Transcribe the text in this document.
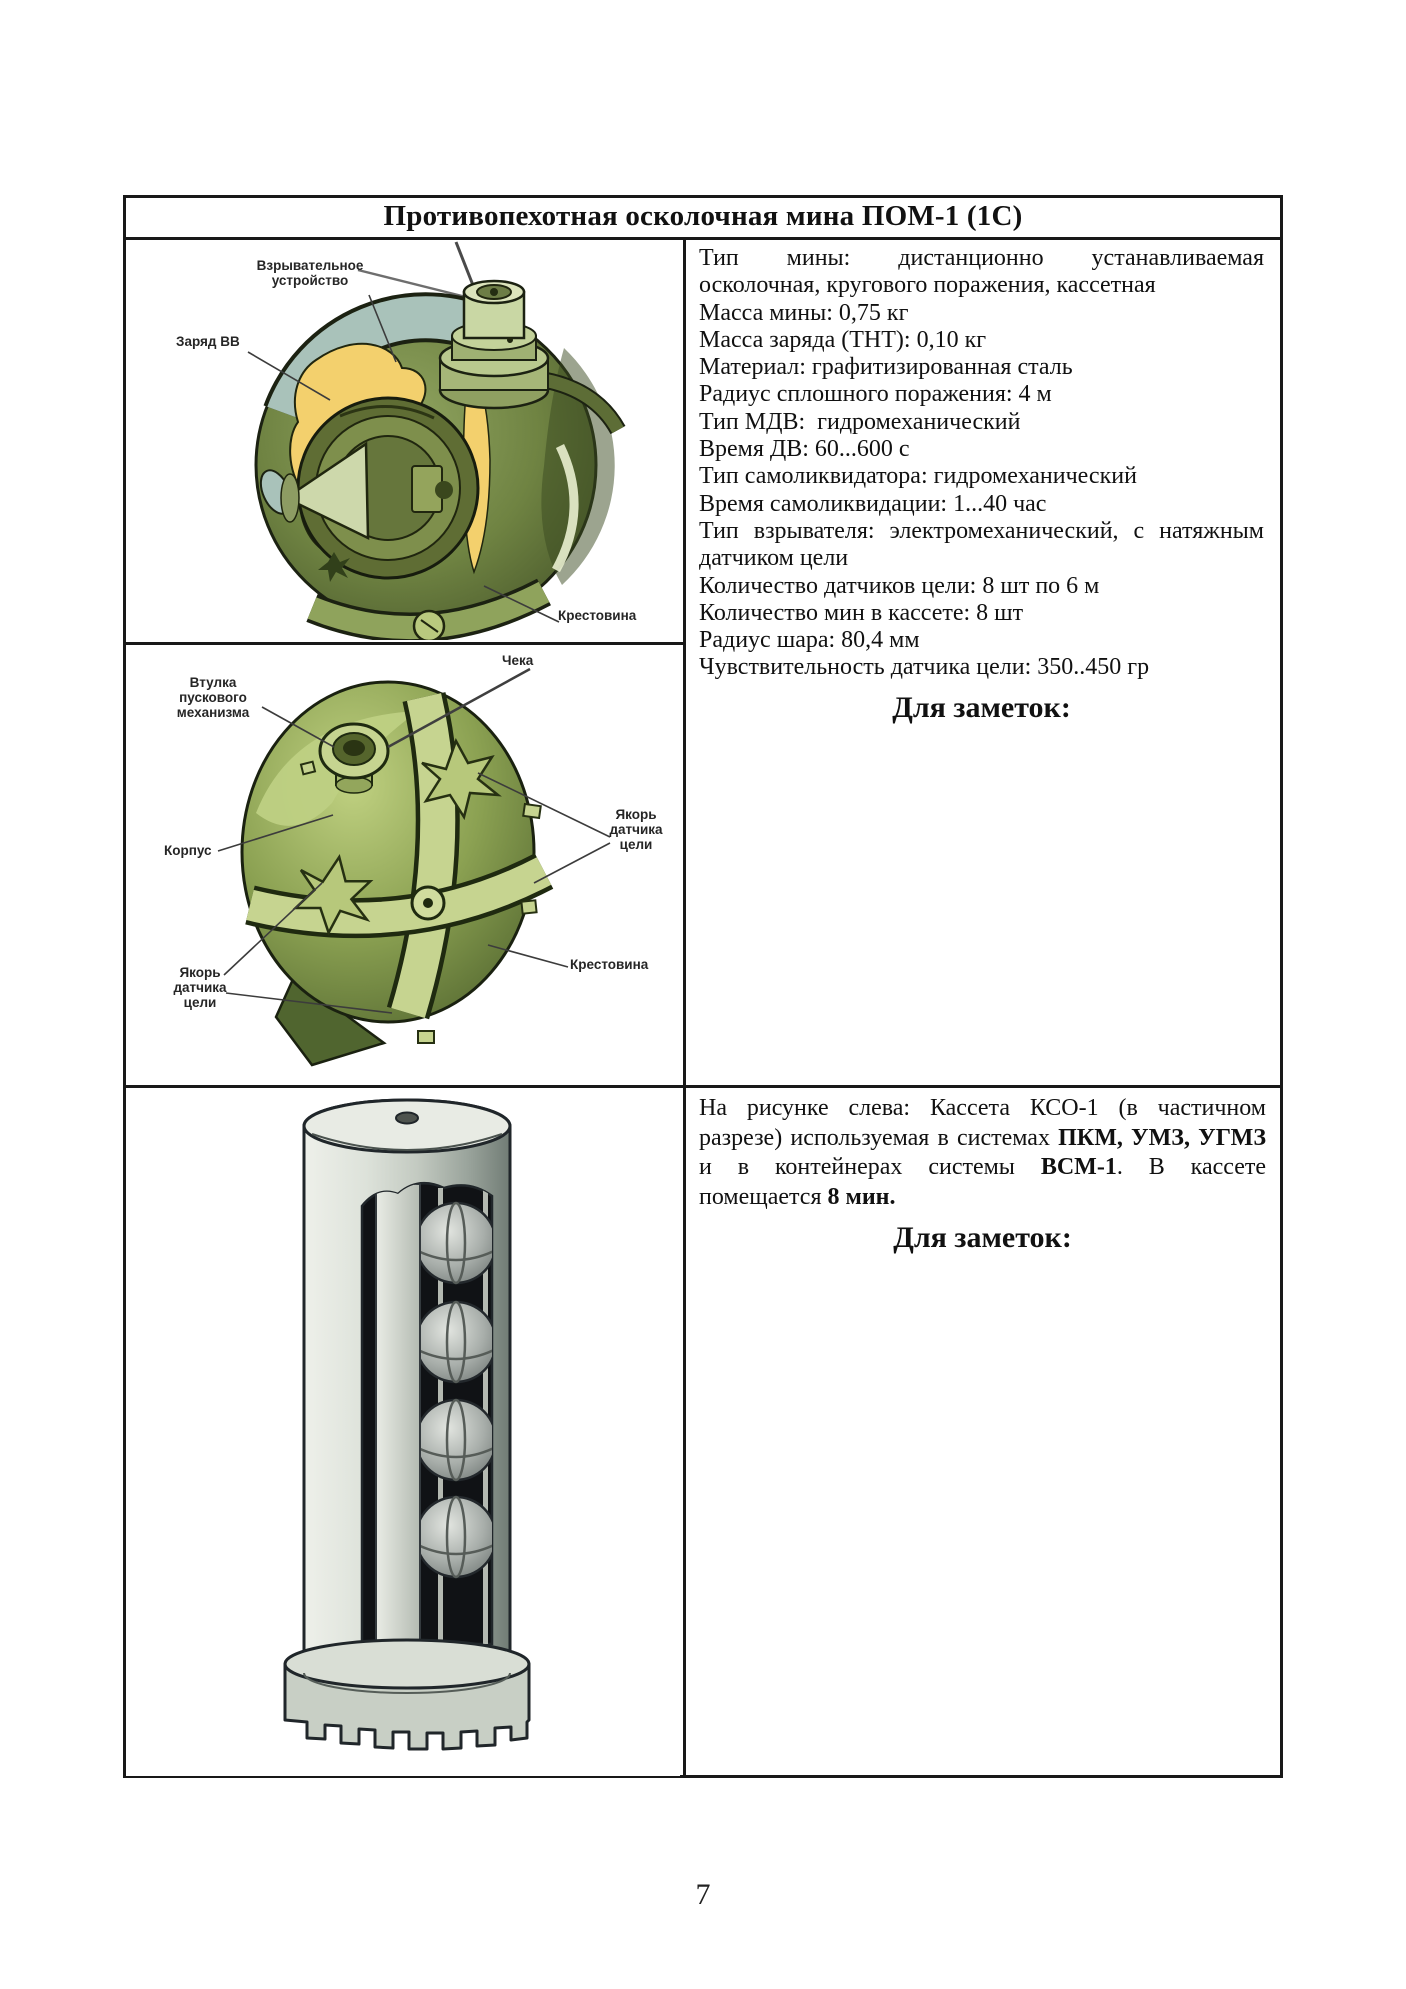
Противопехотная осколочная мина ПОМ-1 (1С)
Взрывательное устройство
Заряд ВВ
Крестовина
Чека
Втулка пускового механизма
Корпус
Якорь датчика цели
Крестовина
Якорь датчика цели
Тип мины: дистанционно устанавливаемая осколочная, кругового поражения, кассетная
Масса мины: 0,75 кг
Масса заряда (ТНТ): 0,10 кг
Материал: графитизированная сталь
Радиус сплошного поражения: 4 м
Тип МДВ:  гидромеханический
Время ДВ: 60...600 с
Тип самоликвидатора: гидромеханический
Время самоликвидации: 1...40 час
Тип взрывателя: электромеханический, с натяжным датчиком цели
Количество датчиков цели: 8 шт по 6 м
Количество мин в кассете: 8 шт
Радиус шара: 80,4 мм
Чувствительность датчика цели: 350..450 гр
Для заметок:
На рисунке слева: Кассета КСО-1 (в частичном разрезе) используемая в системах ПКМ, УМЗ, УГМЗ и в контейнерах системы ВСМ-1. В кассете помещается 8 мин.
Для заметок:
7
